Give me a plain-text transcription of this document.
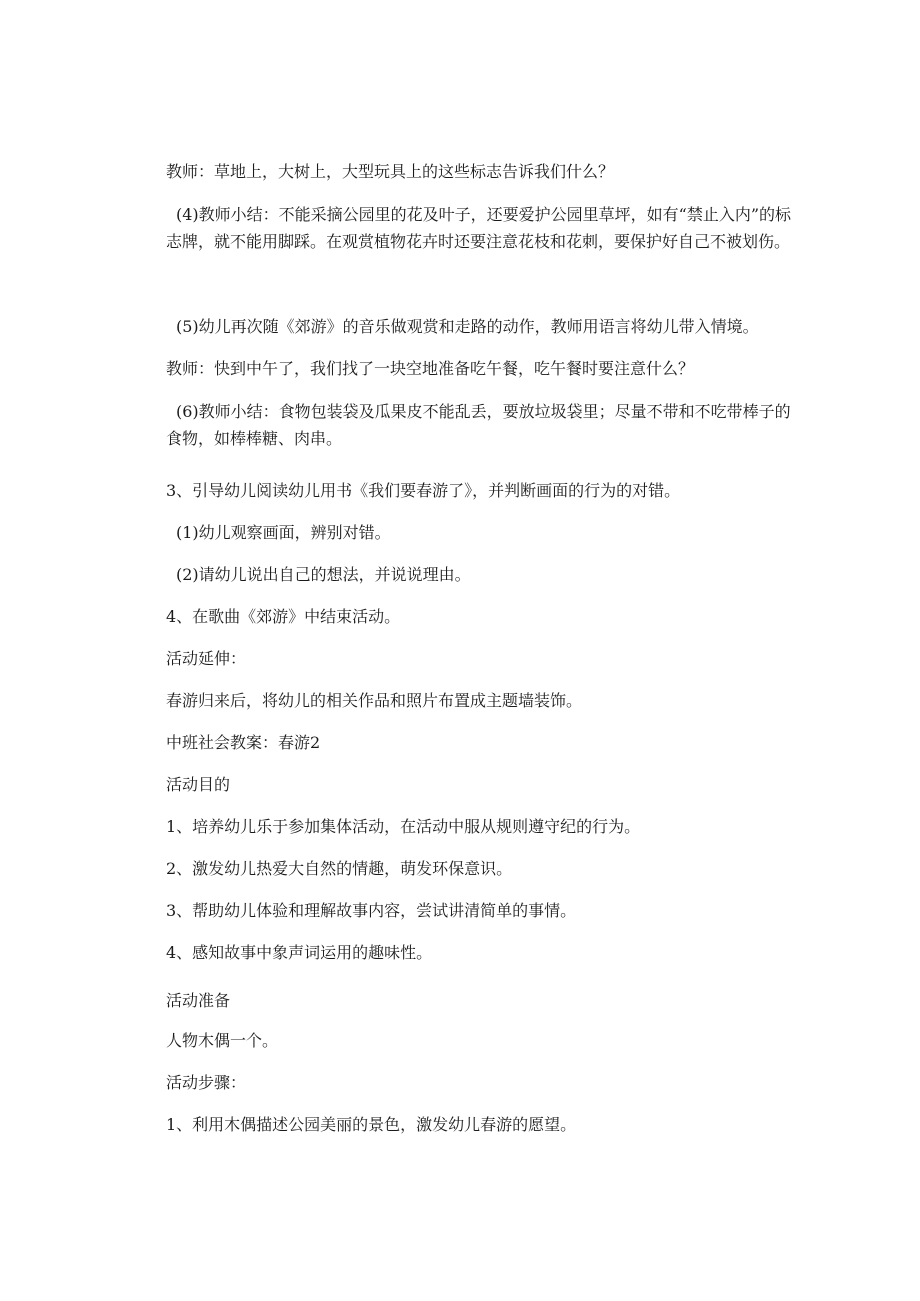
教师：草地上，大树上，大型玩具上的这些标志告诉我们什么？

(4)教师小结：不能采摘公园里的花及叶子，还要爱护公园里草坪，如有“禁止入内”的标志牌，就不能用脚踩。在观赏植物花卉时还要注意花枝和花刺，要保护好自己不被划伤。

(5)幼儿再次随《郊游》的音乐做观赏和走路的动作，教师用语言将幼儿带入情境。

教师：快到中午了，我们找了一块空地准备吃午餐，吃午餐时要注意什么？

(6)教师小结：食物包装袋及瓜果皮不能乱丢，要放垃圾袋里；尽量不带和不吃带棒子的食物，如棒棒糖、肉串。

3、引导幼儿阅读幼儿用书《我们要春游了》，并判断画面的行为的对错。

(1)幼儿观察画面，辨别对错。

(2)请幼儿说出自己的想法，并说说理由。

4、在歌曲《郊游》中结束活动。

活动延伸：

春游归来后，将幼儿的相关作品和照片布置成主题墙装饰。

中班社会教案：春游2

活动目的

1、培养幼儿乐于参加集体活动，在活动中服从规则遵守纪的行为。

2、激发幼儿热爱大自然的情趣，萌发环保意识。

3、帮助幼儿体验和理解故事内容，尝试讲清简单的事情。

4、感知故事中象声词运用的趣味性。

活动准备

人物木偶一个。

活动步骤：

1、利用木偶描述公园美丽的景色，激发幼儿春游的愿望。
